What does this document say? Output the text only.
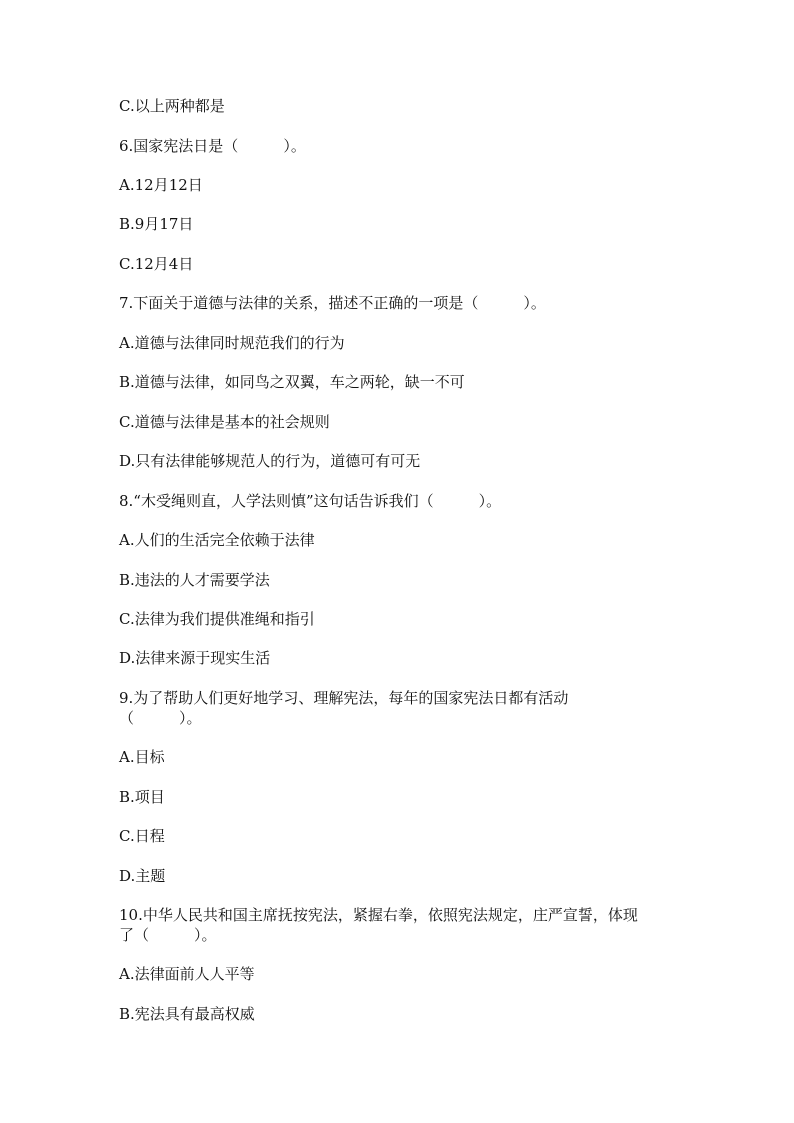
C.以上两种都是
6.国家宪法日是（　　　）。
A.12月12日
B.9月17日
C.12月4日
7.下面关于道德与法律的关系，描述不正确的一项是（　　　）。
A.道德与法律同时规范我们的行为
B.道德与法律，如同鸟之双翼，车之两轮，缺一不可
C.道德与法律是基本的社会规则
D.只有法律能够规范人的行为，道德可有可无
8.“木受绳则直，人学法则慎”这句话告诉我们（　　　）。
A.人们的生活完全依赖于法律
B.违法的人才需要学法
C.法律为我们提供准绳和指引
D.法律来源于现实生活
9.为了帮助人们更好地学习、理解宪法，每年的国家宪法日都有活动
（　　　）。
A.目标
B.项目
C.日程
D.主题
10.中华人民共和国主席抚按宪法，紧握右拳，依照宪法规定，庄严宣誓，体现
了（　　　）。
A.法律面前人人平等
B.宪法具有最高权威
